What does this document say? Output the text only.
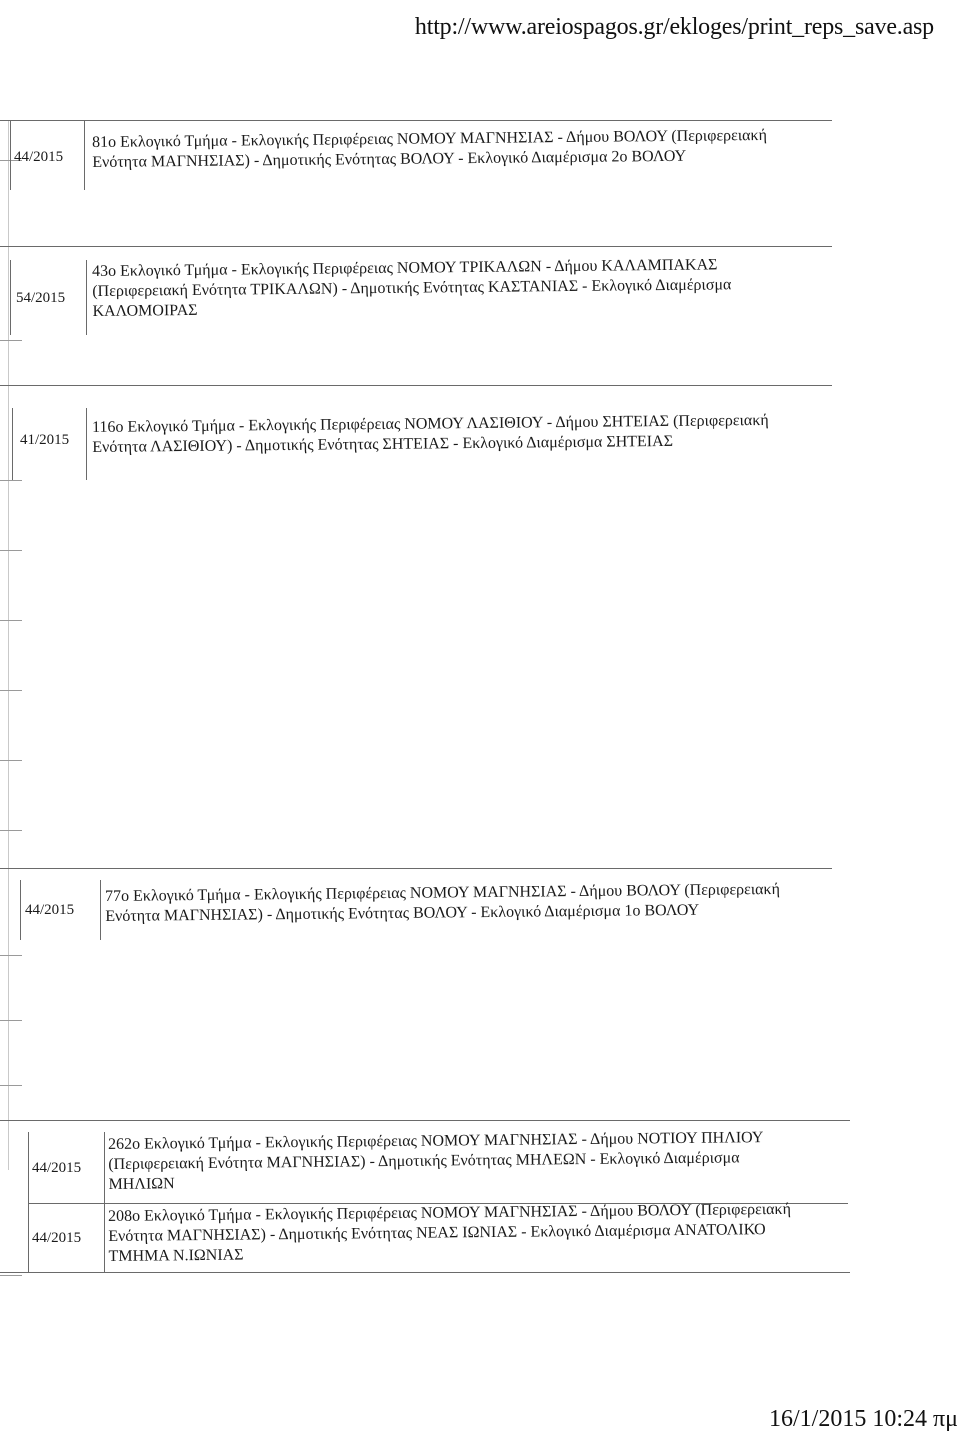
http://www.areiospagos.gr/ekloges/print_reps_save.asp
44/2015

81ο Εκλογικό Τμήμα - Εκλογικής Περιφέρειας ΝΟΜΟΥ ΜΑΓΝΗΣΙΑΣ - Δήμου ΒΟΛΟΥ (Περιφερειακή

Ενότητα ΜΑΓΝΗΣΙΑΣ) - Δημοτικής Ενότητας ΒΟΛΟΥ - Εκλογικό Διαμέρισμα 2ο ΒΟΛΟΥ

54/2015

43ο Εκλογικό Τμήμα - Εκλογικής Περιφέρειας ΝΟΜΟΥ ΤΡΙΚΑΛΩΝ - Δήμου ΚΑΛΑΜΠΑΚΑΣ

(Περιφερειακή Ενότητα ΤΡΙΚΑΛΩΝ) - Δημοτικής Ενότητας ΚΑΣΤΑΝΙΑΣ - Εκλογικό Διαμέρισμα

ΚΑΛΟΜΟΙΡΑΣ

41/2015

116ο Εκλογικό Τμήμα - Εκλογικής Περιφέρειας ΝΟΜΟΥ ΛΑΣΙΘΙΟΥ - Δήμου ΣΗΤΕΙΑΣ (Περιφερειακή

Ενότητα ΛΑΣΙΘΙΟΥ) - Δημοτικής Ενότητας ΣΗΤΕΙΑΣ - Εκλογικό Διαμέρισμα ΣΗΤΕΙΑΣ

44/2015

77ο Εκλογικό Τμήμα - Εκλογικής Περιφέρειας ΝΟΜΟΥ ΜΑΓΝΗΣΙΑΣ - Δήμου ΒΟΛΟΥ (Περιφερειακή

Ενότητα ΜΑΓΝΗΣΙΑΣ) - Δημοτικής Ενότητας ΒΟΛΟΥ - Εκλογικό Διαμέρισμα 1ο ΒΟΛΟΥ

44/2015

262ο Εκλογικό Τμήμα - Εκλογικής Περιφέρειας ΝΟΜΟΥ ΜΑΓΝΗΣΙΑΣ - Δήμου ΝΟΤΙΟΥ ΠΗΛΙΟΥ

(Περιφερειακή Ενότητα ΜΑΓΝΗΣΙΑΣ) - Δημοτικής Ενότητας ΜΗΛΕΩΝ - Εκλογικό Διαμέρισμα

ΜΗΛΙΩΝ

44/2015

208ο Εκλογικό Τμήμα - Εκλογικής Περιφέρειας ΝΟΜΟΥ ΜΑΓΝΗΣΙΑΣ - Δήμου ΒΟΛΟΥ (Περιφερειακή

Ενότητα ΜΑΓΝΗΣΙΑΣ) - Δημοτικής Ενότητας ΝΕΑΣ ΙΩΝΙΑΣ - Εκλογικό Διαμέρισμα ΑΝΑΤΟΛΙΚΟ

ΤΜΗΜΑ Ν.ΙΩΝΙΑΣ

16/1/2015 10:24 πμ
